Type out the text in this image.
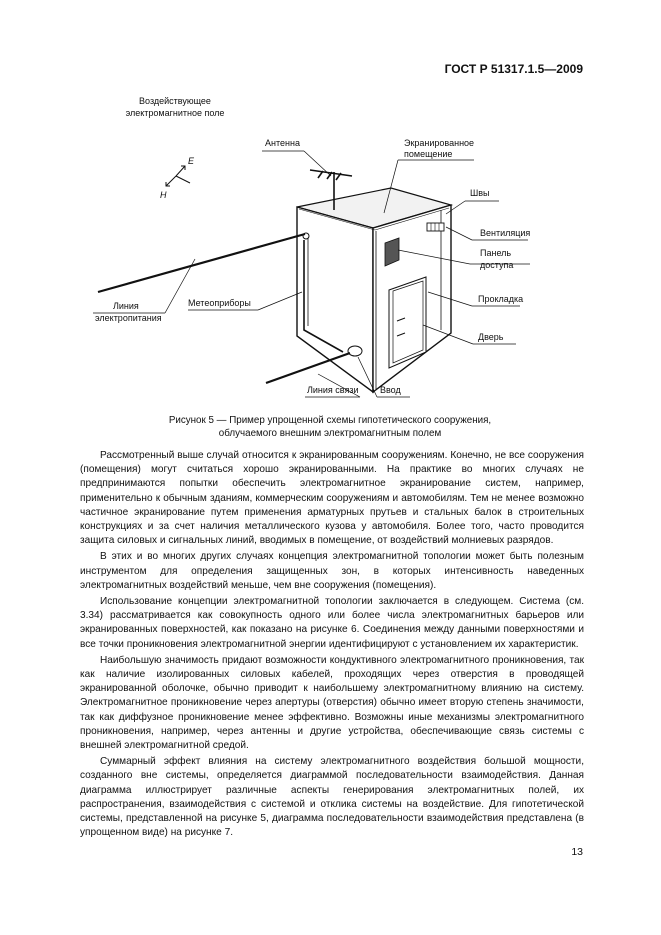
ГОСТ Р 51317.1.5—2009
Воздействующее
электромагнитное поле
E
H
Антенна	Экранированное
помещение
Швы
Вентиляция
Панель
доступа
Прокладка
Дверь
Метеоприборы
Линия
электропитания
Линия связи Ввод
Рисунок 5 — Пример упрощенной схемы гипотетического сооружения,
облучаемого внешним электромагнитным полем

Рассмотренный выше случай относится к экранированным сооружениям. Конечно, не все сооружения (помещения) могут считаться хорошо экранированными. На практике во многих случаях не предпринимаются попытки обеспечить электромагнитное экранирование систем, например, применительно к обычным зданиям, коммерческим сооружениям и автомобилям. Тем не менее возможно частичное экранирование путем применения арматурных прутьев и стальных балок в строительных конструкциях и за счет наличия металлического кузова у автомобиля. Более того, часто проводится защита силовых и сигнальных линий, вводимых в помещение, от воздействий молниевых разрядов.

В этих и во многих других случаях концепция электромагнитной топологии может быть полезным инструментом для определения защищенных зон, в которых интенсивность наведенных электромагнитных воздействий меньше, чем вне сооружения (помещения).

Использование концепции электромагнитной топологии заключается в следующем. Система (см. 3.34) рассматривается как совокупность одного или более числа электромагнитных барьеров или экранированных поверхностей, как показано на рисунке 6. Соединения между данными поверхностями и все точки проникновения электромагнитной энергии идентифицируют с установлением их характеристик.

Наибольшую значимость придают возможности кондуктивного электромагнитного проникновения, так как наличие изолированных силовых кабелей, проходящих через отверстия в проводящей экранированной оболочке, обычно приводит к наибольшему электромагнитному влиянию на систему. Электромагнитное проникновение через апертуры (отверстия) обычно имеет вторую степень значимости, так как диффузное проникновение менее эффективно. Возможны иные механизмы электромагнитного проникновения, например, через антенны и другие устройства, обеспечивающие связь системы с внешней электромагнитной средой.

Суммарный эффект влияния на систему электромагнитного воздействия большой мощности, созданного вне системы, определяется диаграммой последовательности взаимодействия. Данная диаграмма иллюстрирует различные аспекты генерирования электромагнитных полей, их распространения, взаимодействия с системой и отклика системы на воздействие. Для гипотетической системы, представленной на рисунке 5, диаграмма последовательности взаимодействия представлена (в упрощенном виде) на рисунке 7.

13
